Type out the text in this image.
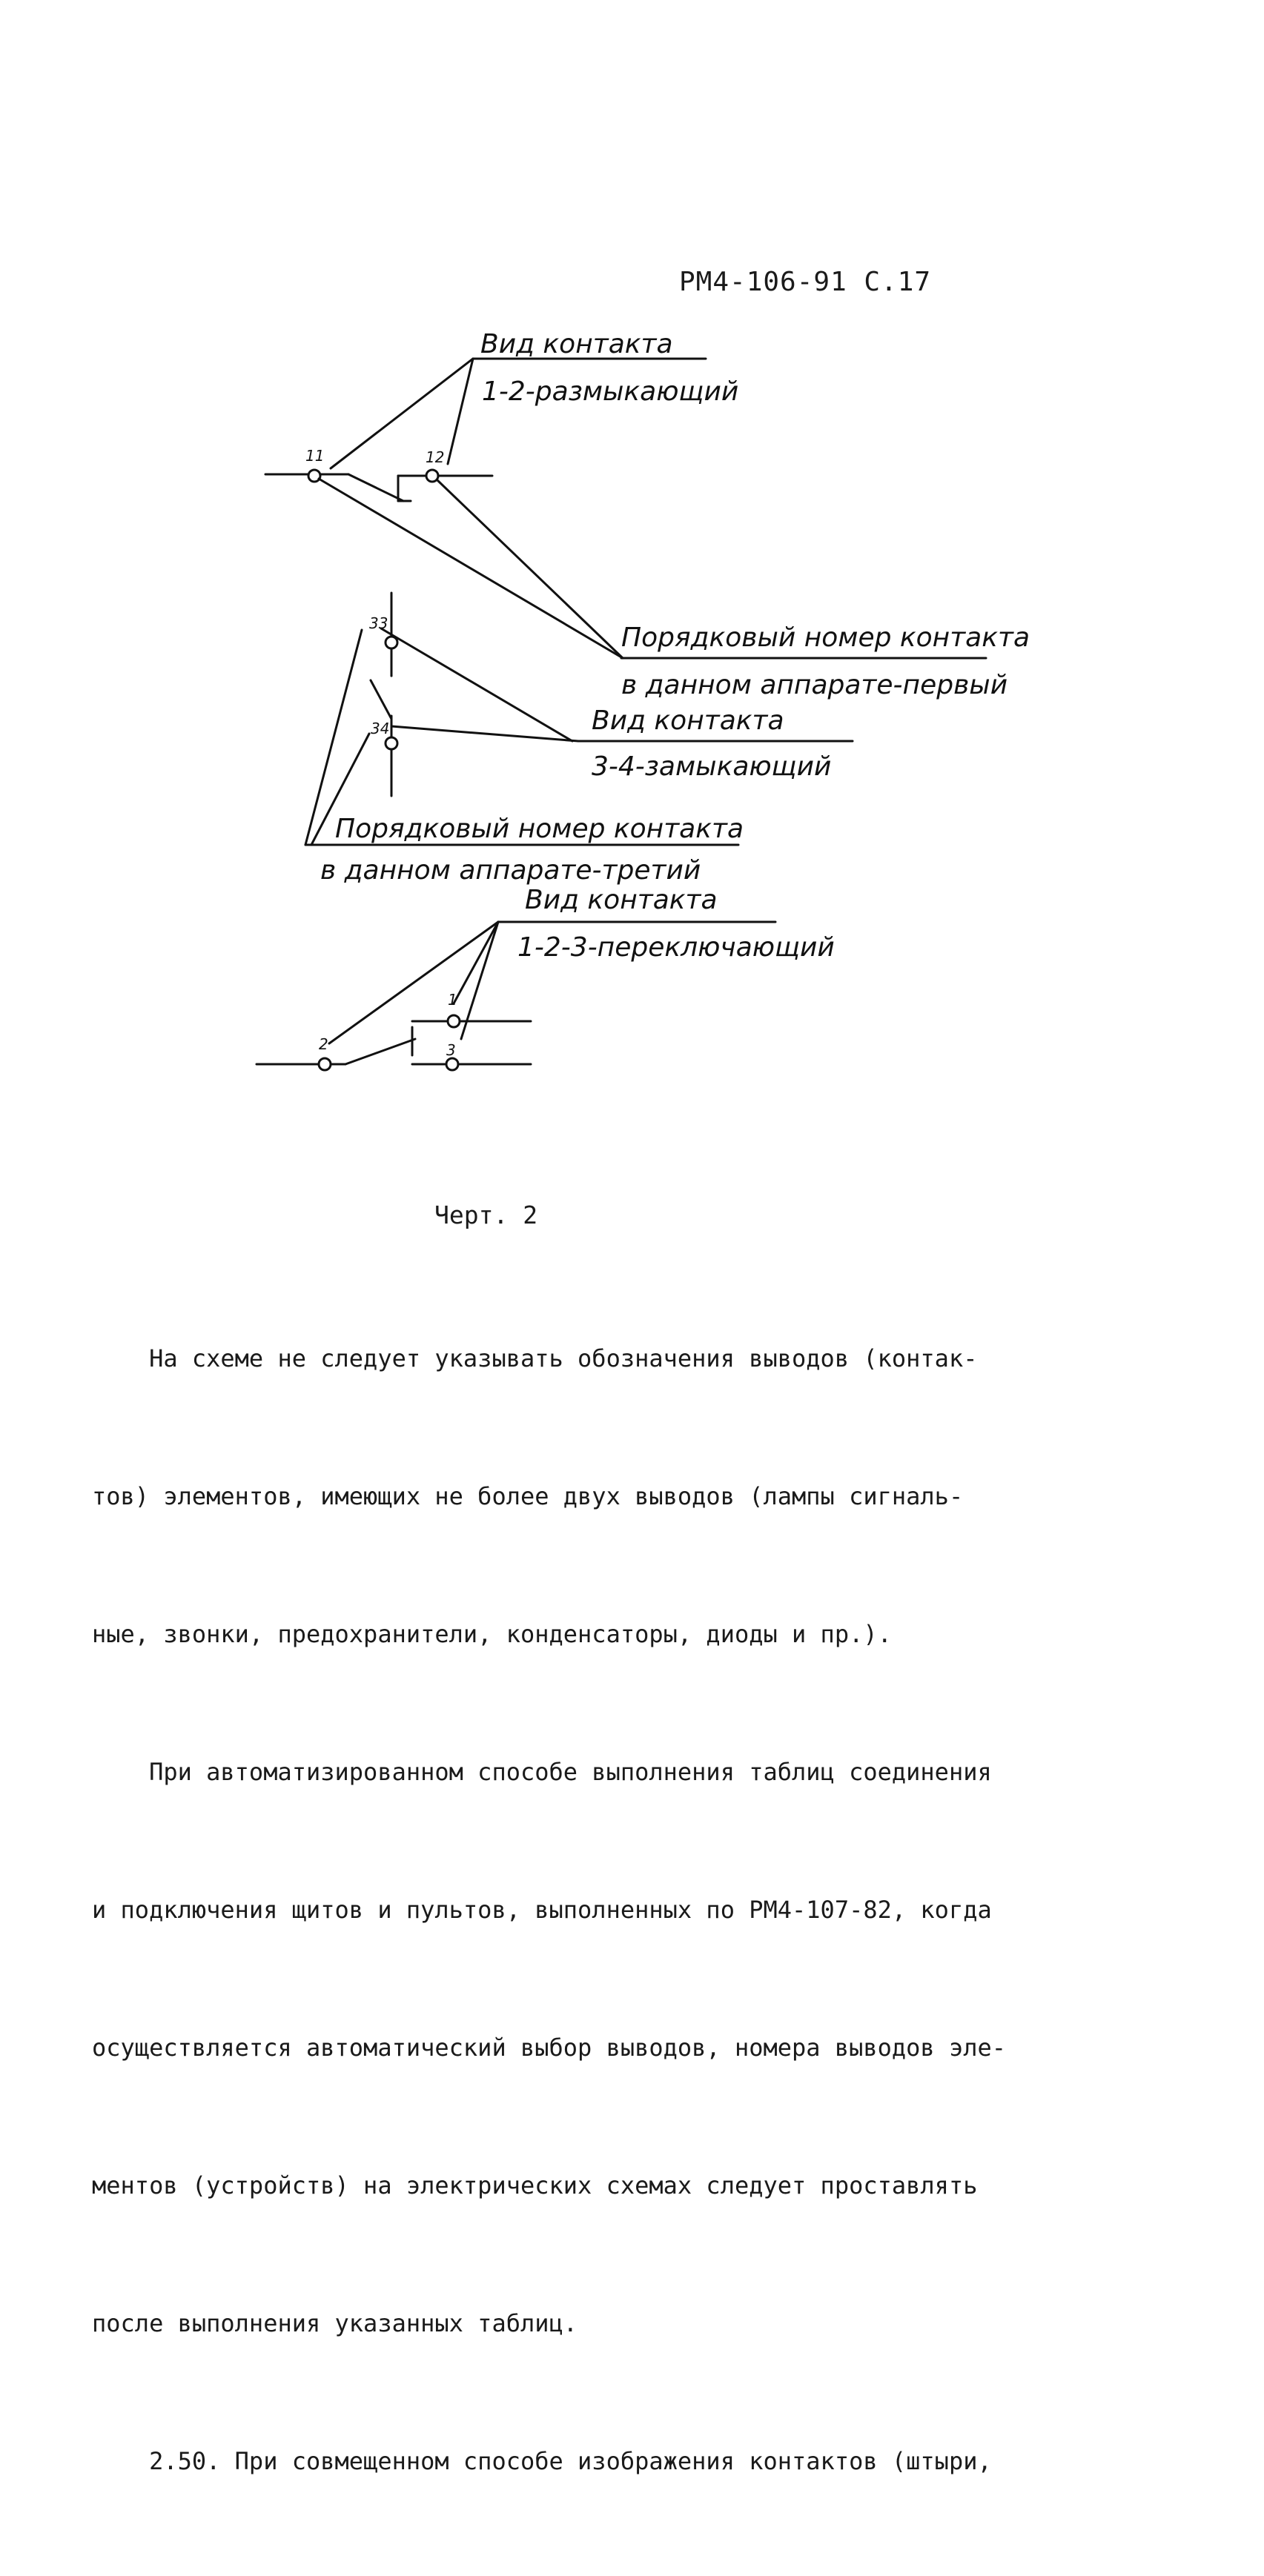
РМ4-106-91 С.17
Вид контакта
1-2-размыкающий
11	12
Порядковый номер контакта
в данном аппарате-первый
Вид контакта
3-4-замыкающий
33
34
Порядковый номер контакта
в данном аппарате-третий
Вид контакта
1-2-3-переключающий
1
2	3
Черт. 2

На схеме не следует указывать обозначения выводов (контак-

тов) элементов, имеющих не более двух выводов (лампы сигналь-

ные, звонки, предохранители, конденсаторы, диоды и пр.).

При автоматизированном способе выполнения таблиц соединения

и подключения щитов и пультов, выполненных по РМ4-107-82, когда

осуществляется автоматический выбор выводов, номера выводов эле-

ментов (устройств) на электрических схемах следует проставлять

после выполнения указанных таблиц.

2.50. При совмещенном способе изображения контактов (штыри,
